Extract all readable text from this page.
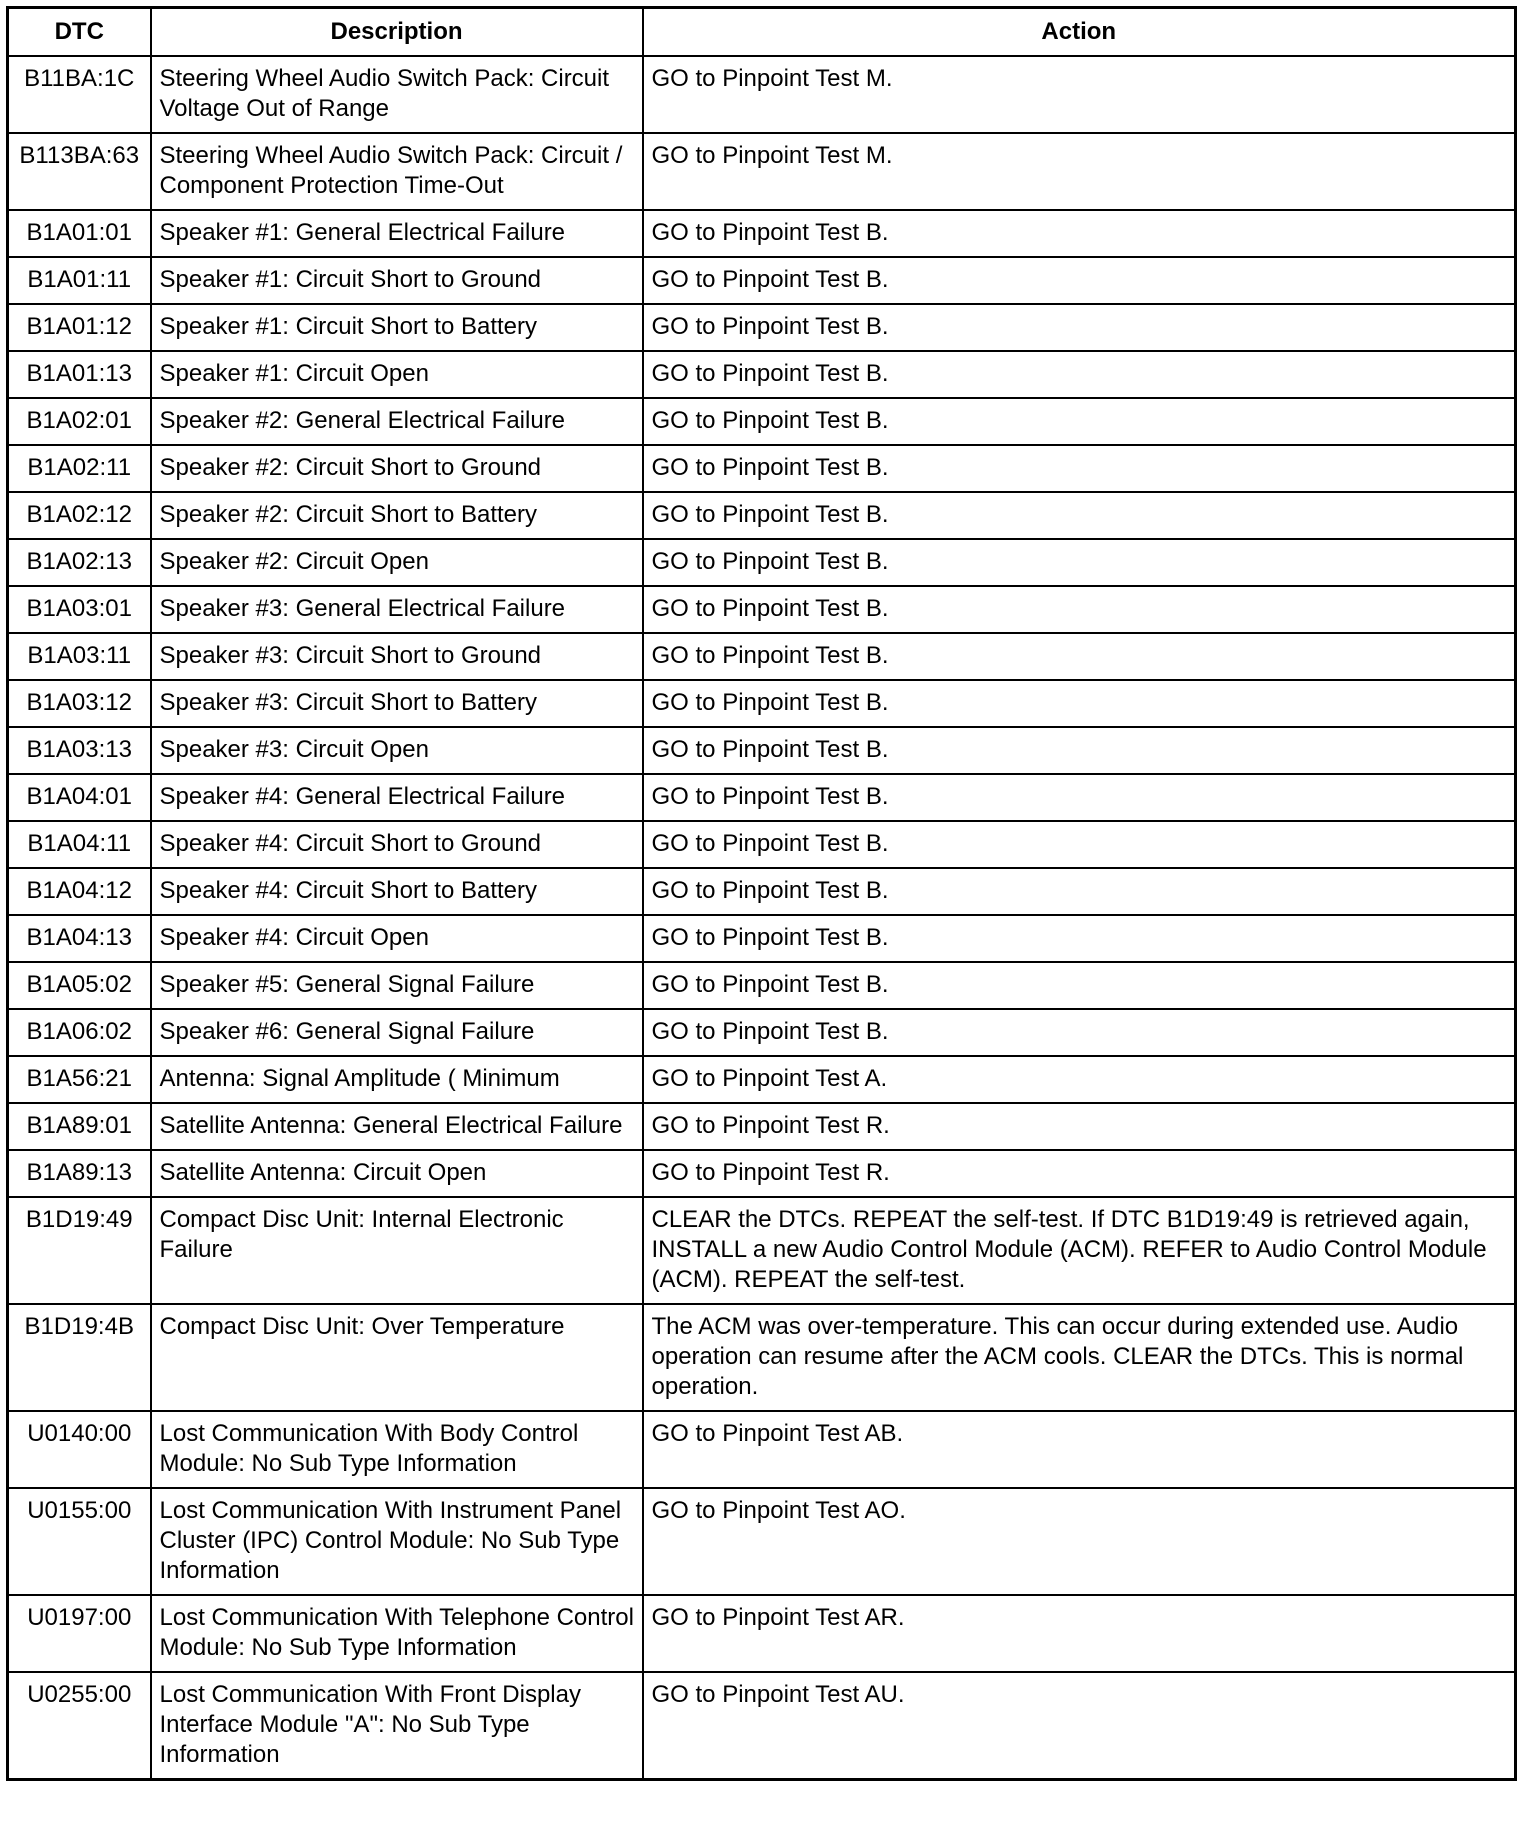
DTC	Description	Action
B11BA:1C	Steering Wheel Audio Switch Pack: Circuit Voltage Out of Range	GO to Pinpoint Test M.
B113BA:63	Steering Wheel Audio Switch Pack: Circuit / Component Protection Time-Out	GO to Pinpoint Test M.
B1A01:01	Speaker #1: General Electrical Failure	GO to Pinpoint Test B.
B1A01:11	Speaker #1: Circuit Short to Ground	GO to Pinpoint Test B.
B1A01:12	Speaker #1: Circuit Short to Battery	GO to Pinpoint Test B.
B1A01:13	Speaker #1: Circuit Open	GO to Pinpoint Test B.
B1A02:01	Speaker #2: General Electrical Failure	GO to Pinpoint Test B.
B1A02:11	Speaker #2: Circuit Short to Ground	GO to Pinpoint Test B.
B1A02:12	Speaker #2: Circuit Short to Battery	GO to Pinpoint Test B.
B1A02:13	Speaker #2: Circuit Open	GO to Pinpoint Test B.
B1A03:01	Speaker #3: General Electrical Failure	GO to Pinpoint Test B.
B1A03:11	Speaker #3: Circuit Short to Ground	GO to Pinpoint Test B.
B1A03:12	Speaker #3: Circuit Short to Battery	GO to Pinpoint Test B.
B1A03:13	Speaker #3: Circuit Open	GO to Pinpoint Test B.
B1A04:01	Speaker #4: General Electrical Failure	GO to Pinpoint Test B.
B1A04:11	Speaker #4: Circuit Short to Ground	GO to Pinpoint Test B.
B1A04:12	Speaker #4: Circuit Short to Battery	GO to Pinpoint Test B.
B1A04:13	Speaker #4: Circuit Open	GO to Pinpoint Test B.
B1A05:02	Speaker #5: General Signal Failure	GO to Pinpoint Test B.
B1A06:02	Speaker #6: General Signal Failure	GO to Pinpoint Test B.
B1A56:21	Antenna: Signal Amplitude ( Minimum	GO to Pinpoint Test A.
B1A89:01	Satellite Antenna: General Electrical Failure	GO to Pinpoint Test R.
B1A89:13	Satellite Antenna: Circuit Open	GO to Pinpoint Test R.
B1D19:49	Compact Disc Unit: Internal Electronic Failure	CLEAR the DTCs. REPEAT the self-test. If DTC B1D19:49 is retrieved again, INSTALL a new Audio Control Module (ACM). REFER to Audio Control Module (ACM). REPEAT the self-test.
B1D19:4B	Compact Disc Unit: Over Temperature	The ACM was over-temperature. This can occur during extended use. Audio operation can resume after the ACM cools. CLEAR the DTCs. This is normal operation.
U0140:00	Lost Communication With Body Control Module: No Sub Type Information	GO to Pinpoint Test AB.
U0155:00	Lost Communication With Instrument Panel Cluster (IPC) Control Module: No Sub Type Information	GO to Pinpoint Test AO.
U0197:00	Lost Communication With Telephone Control Module: No Sub Type Information	GO to Pinpoint Test AR.
U0255:00	Lost Communication With Front Display Interface Module "A": No Sub Type Information	GO to Pinpoint Test AU.
